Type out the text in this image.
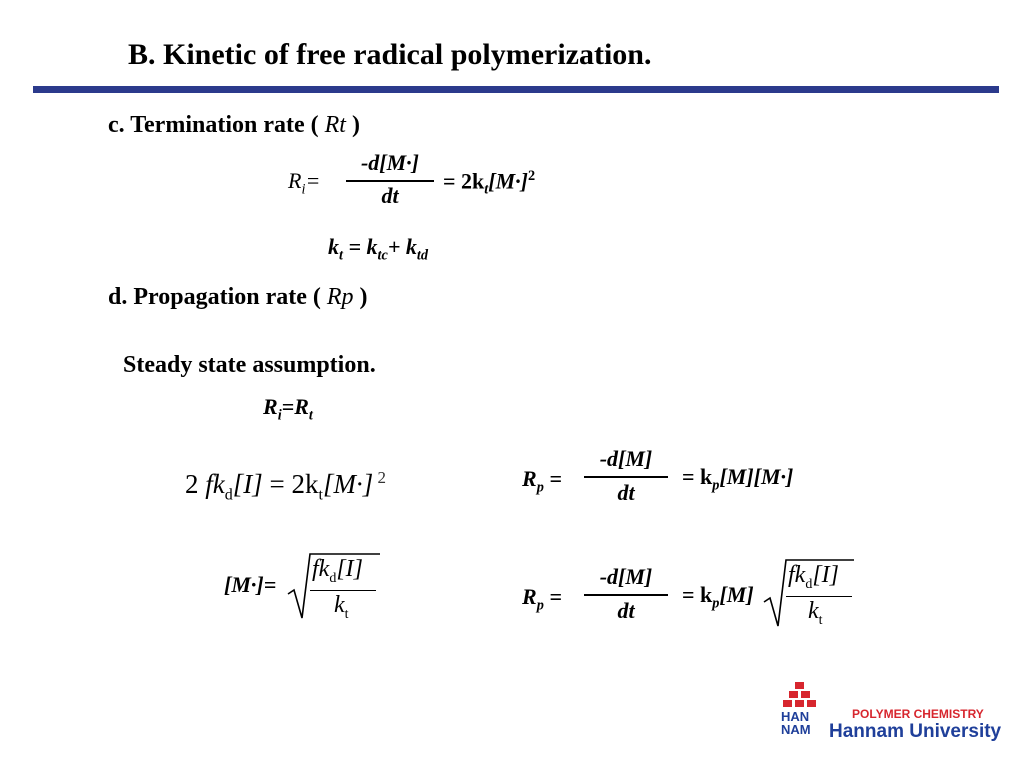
B. Kinetic of free radical polymerization.
c. Termination rate ( Rt )
$R_i=$
-d[M·]
dt
= $2k_t[M\cdot]^2$
$k_t = k_{tc}+ k_{td}$
d. Propagation rate ( Rp )
Steady state assumption.
$R_i=R_t$
2 $fk_d[I] = 2k_t[M\cdot]$ $^2$
[M·]=
$fk_d[I]$
$k_t$
$R_p$ =
-d[M]
dt
= $k_p[M][M\cdot]$
$R_p$ =
-d[M]
dt
= $k_p[M]$
$fk_d[I]$
$k_t$
HAN
NAM
POLYMER CHEMISTRY
Hannam University
